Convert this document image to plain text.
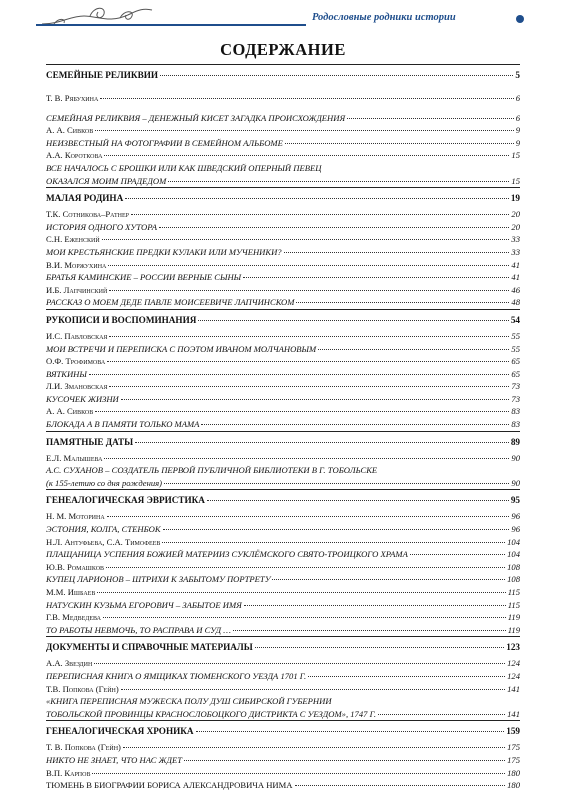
Родословные родники истории
СОДЕРЖАНИЕ
СЕМЕЙНЫЕ РЕЛИКВИИ	5
Т. В. Рябухина	6
СЕМЕЙНАЯ РЕЛИКВИЯ – ДЕНЕЖНЫЙ КИСЕТ ЗАГАДКА ПРОИСХОЖДЕНИЯ	6
А. А. Сивков	9
НЕИЗВЕСТНЫЙ НА ФОТОГРАФИИ В СЕМЕЙНОМ АЛЬБОМЕ	9
А.А. Короткова	15
ВСЕ НАЧАЛОСЬ С БРОШКИ ИЛИ КАК ШВЕДСКИЙ ОПЕРНЫЙ ПЕВЕЦ
ОКАЗАЛСЯ МОИМ ПРАДЕДОМ	15
МАЛАЯ РОДИНА	19
Т.К. Сотникова–Ратнер	20
ИСТОРИЯ ОДНОГО ХУТОРА	20
С.Н. Еженский	33
МОИ КРЕСТЬЯНСКИЕ ПРЕДКИ КУЛАКИ ИЛИ МУЧЕНИКИ?	33
В.И. Моржухина	41
БРАТЬЯ КАМИНСКИЕ – РОССИИ ВЕРНЫЕ СЫНЫ	41
И.Б. Лапчинский	46
РАССКАЗ О МОЕМ ДЕДЕ ПАВЛЕ МОИСЕЕВИЧЕ ЛАПЧИНСКОМ	48
РУКОПИСИ И ВОСПОМИНАНИЯ	54
И.С. Павловская	55
МОИ ВСТРЕЧИ И ПЕРЕПИСКА С ПОЭТОМ ИВАНОМ МОЛЧАНОВЫМ	55
О.Ф. Трофимова	65
ВЯТКИНЫ	65
Л.И. Змановская	73
КУСОЧЕК ЖИЗНИ	73
А. А. Сивков	83
БЛОКАДА А В ПАМЯТИ ТОЛЬКО МАМА	83
ПАМЯТНЫЕ ДАТЫ	89
Е.Л. Малышева	90
А.С. СУХАНОВ – СОЗДАТЕЛЬ ПЕРВОЙ ПУБЛИЧНОЙ БИБЛИОТЕКИ В Г. ТОБОЛЬСКЕ
(к 155-летию со дня рождения)	90
ГЕНЕАЛОГИЧЕСКАЯ ЭВРИСТИКА	95
Н. М. Моторина	96
ЭСТОНИЯ, КОЛГА, СТЕНБОК	96
Н.Л. Антуфьева, С.А. Тимофеев	104
ПЛАЩАНИЦА УСПЕНИЯ БОЖИЕЙ МАТЕРИИЗ СУКЛЁМСКОГО СВЯТО-ТРОИЦКОГО ХРАМА	104
Ю.В. Ромашков	108
КУПЕЦ ЛАРИОНОВ – ШТРИХИ К ЗАБЫТОМУ ПОРТРЕТУ	108
М.М. Ишбаев	115
НАТУСКИН КУЗЬМА ЕГОРОВИЧ – ЗАБЫТОЕ ИМЯ	115
Г.В. Медведева	119
ТО РАБОТЫ НЕВМОЧЬ, ТО РАСПРАВА И СУД …	119
ДОКУМЕНТЫ И СПРАВОЧНЫЕ МАТЕРИАЛЫ	123
А.А. Звездин	124
ПЕРЕПИСНАЯ КНИГА О ЯМЩИКАХ ТЮМЕНСКОГО УЕЗДА 1701 Г.	124
Т.В. Попкова (Гейн)	141
«КНИГА ПЕРЕПИСНАЯ МУЖЕСКА ПОЛУ ДУШ СИБИРСКОЙ ГУБЕРНИИ
ТОБОЛЬСКОЙ ПРОВИНЦЫ КРАСНОСЛОБОЦКОГО ДИСТРИКТА С УЕЗДОМ», 1747 Г.	141
ГЕНЕАЛОГИЧЕСКАЯ ХРОНИКА	159
Т. В. Попкова (Гейн)	175
НИКТО НЕ ЗНАЕТ, ЧТО НАС ЖДЕТ	175
В.П. Карпов	180
ТЮМЕНЬ В БИОГРАФИИ БОРИСА АЛЕКСАНДРОВИЧА НИМА	180
